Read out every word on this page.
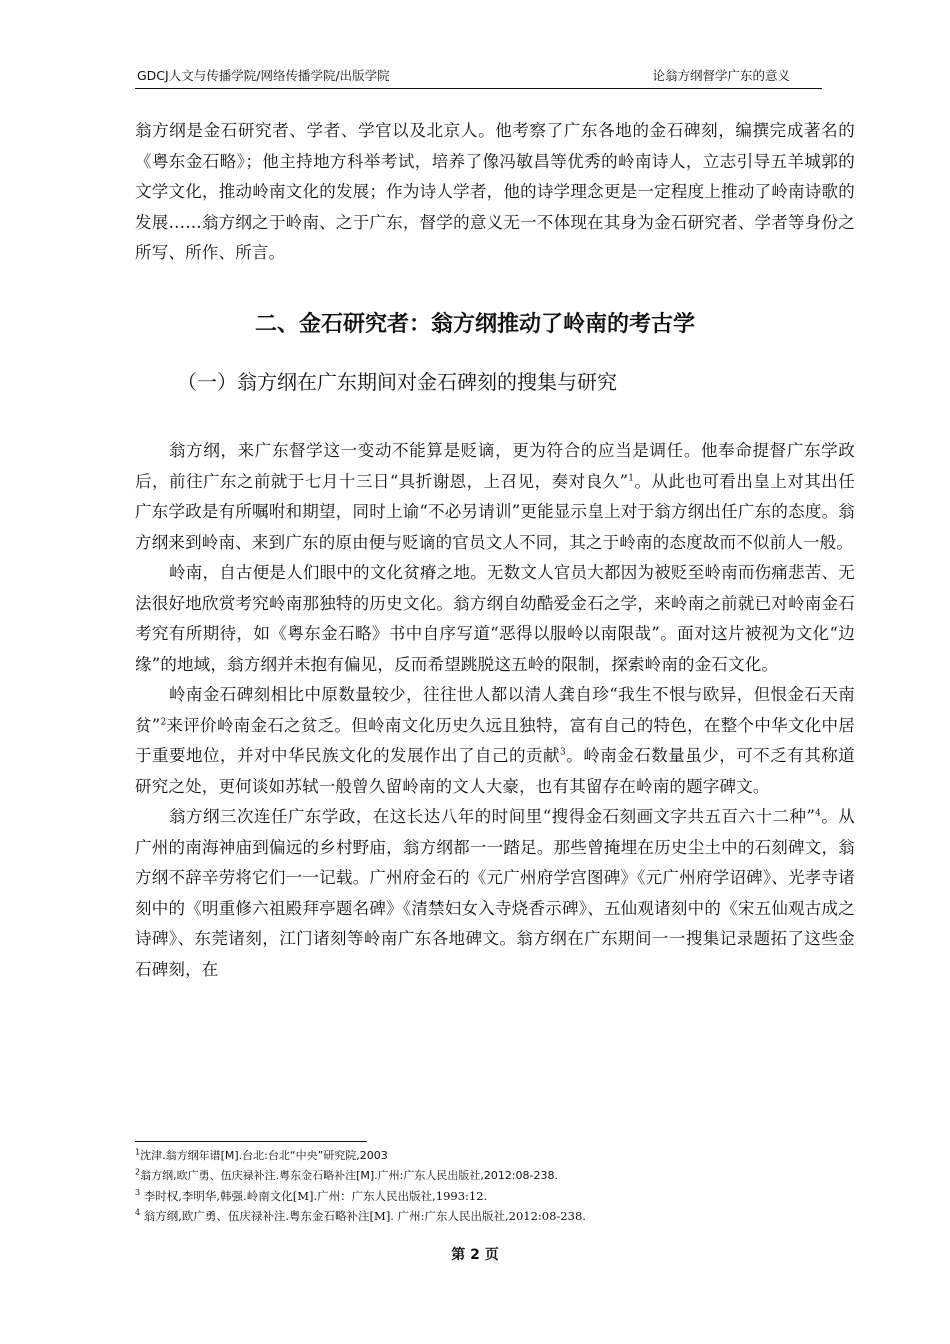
GDCJ人文与传播学院/网络传播学院/出版学院	论翁方纲督学广东的意义

翁方纲是金石研究者、学者、学官以及北京人。他考察了广东各地的金石碑刻，编撰完成著名的《粤东金石略》；他主持地方科举考试，培养了像冯敏昌等优秀的岭南诗人，立志引导五羊城郭的文学文化，推动岭南文化的发展；作为诗人学者，他的诗学理念更是一定程度上推动了岭南诗歌的发展……翁方纲之于岭南、之于广东，督学的意义无一不体现在其身为金石研究者、学者等身份之所写、所作、所言。

二、金石研究者：翁方纲推动了岭南的考古学
（一）翁方纲在广东期间对金石碑刻的搜集与研究

翁方纲，来广东督学这一变动不能算是贬谪，更为符合的应当是调任。他奉命提督广东学政后，前往广东之前就于七月十三日“具折谢恩，上召见，奏对良久”$^1$。从此也可看出皇上对其出任广东学政是有所嘱咐和期望，同时上谕“不必另请训”更能显示皇上对于翁方纲出任广东的态度。翁方纲来到岭南、来到广东的原由便与贬谪的官员文人不同，其之于岭南的态度故而不似前人一般。

岭南，自古便是人们眼中的文化贫瘠之地。无数文人官员大都因为被贬至岭南而伤痛悲苦、无法很好地欣赏考究岭南那独特的历史文化。翁方纲自幼酷爱金石之学，来岭南之前就已对岭南金石考究有所期待，如《粤东金石略》书中自序写道“恶得以服岭以南限哉”。面对这片被视为文化“边缘”的地域，翁方纲并未抱有偏见，反而希望跳脱这五岭的限制，探索岭南的金石文化。

岭南金石碑刻相比中原数量较少，往往世人都以清人龚自珍“我生不恨与欧异，但恨金石天南贫”$^2$来评价岭南金石之贫乏。但岭南文化历史久远且独特，富有自己的特色，在整个中华文化中居于重要地位，并对中华民族文化的发展作出了自己的贡献$^3$。岭南金石数量虽少，可不乏有其称道研究之处，更何谈如苏轼一般曾久留岭南的文人大豪，也有其留存在岭南的题字碑文。

翁方纲三次连任广东学政，在这长达八年的时间里“搜得金石刻画文字共五百六十二种”$^4$。从广州的南海神庙到偏远的乡村野庙，翁方纲都一一踏足。那些曾掩埋在历史尘土中的石刻碑文，翁方纲不辞辛劳将它们一一记载。广州府金石的《元广州府学宫图碑》《元广州府学诏碑》、光孝寺诸刻中的《明重修六祖殿拜亭题名碑》《清禁妇女入寺烧香示碑》、五仙观诸刻中的《宋五仙观古成之诗碑》、东莞诸刻，江门诸刻等岭南广东各地碑文。翁方纲在广东期间一一搜集记录题拓了这些金石碑刻，在

$^1$沈津.翁方纲年谱[M].台北:台北“中央”研究院,2003

$^2$翁方纲,欧广勇、伍庆禄补注.粤东金石略补注[M].广州:广东人民出版社,2012:08-238.

$^3$ 李时权,李明华,韩强.岭南文化[M].广州：广东人民出版社,1993:12.

$^4$ 翁方纲,欧广勇、伍庆禄补注.粤东金石略补注[M]. 广州:广东人民出版社,2012:08-238.

第 2 页
